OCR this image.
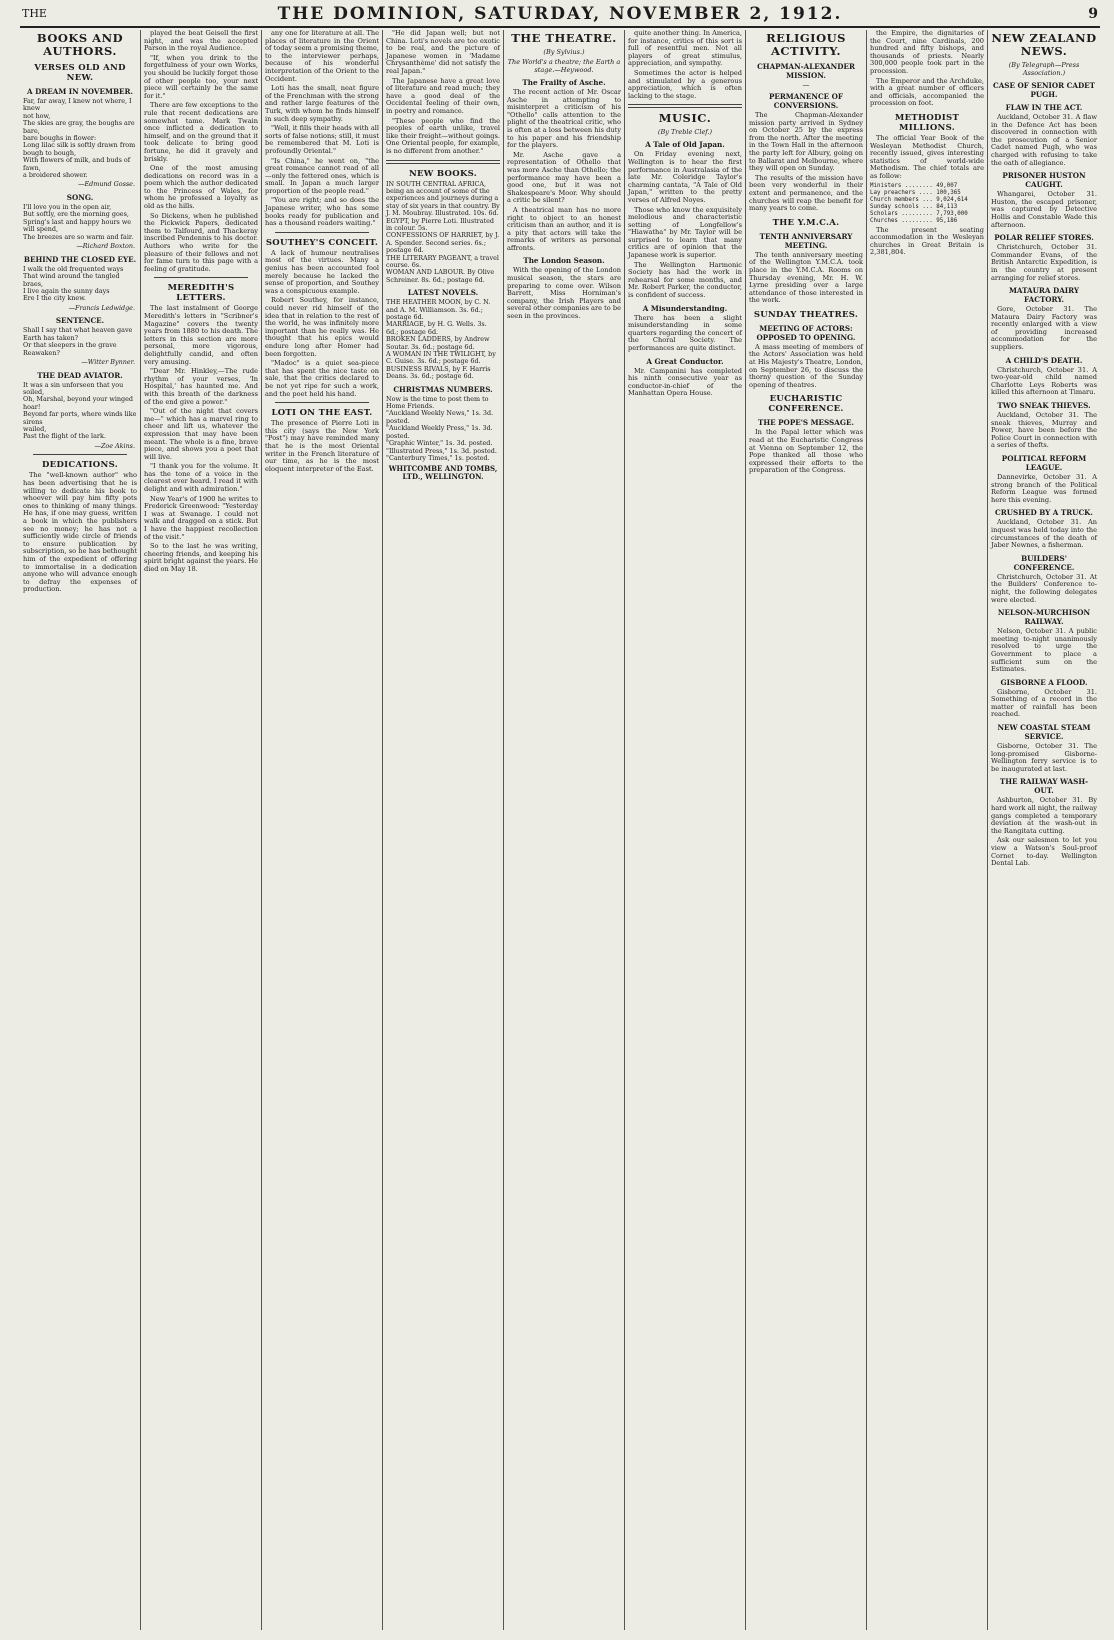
THE	THE DOMINION, SATURDAY, NOVEMBER 2, 1912.	9
BOOKS AND AUTHORS.
VERSES OLD AND NEW.
A DREAM IN NOVEMBER.
Far, far away, I knew not where, I knew
not how,
The skies are gray, the boughs are bare,
bare boughs in flower:
Long lilac silk is softly drawn from
bough to bough,
With flowers of milk, and buds of fawn,
a broidered shower.
—Edmund Gosse.
SONG.
I'll love you in the open air,
But softly, ere the morning goes,
Spring's last and happy hours we will spend,
The breezes are so warm and fair.
—Richard Boxton.
BEHIND THE CLOSED EYE.
I walk the old frequented ways
That wind around the tangled braes,
I live again the sunny days
Ere I the city knew.
—Francis Ledwidge.
SENTENCE.
Shall I say that what heaven gave
Earth has taken?
Or that sleepers in the grave
Reawaken?
—Witter Bynner.
THE DEAD AVIATOR.
It was a sin unforseen that you soiled,
Oh, Marshal, beyond your winged
hoar!
Beyond far ports, where winds like sirens
wailed,
Past the flight of the lark.
—Zoe Akins.
DEDICATIONS.

The "well-known author" who has been advertising that he is willing to dedicate his book to whoever will pay him fifty pots ones to thinking of many things. He has, if one may guess, written a book in which the publishers see no money; he has not a sufficiently wide circle of friends to ensure publication by subscription, so he has bethought him of the expedient of offering to immortalise in a dedication anyone who will advance enough to defray the expenses of production.

played the beat Geisell the first night, and was the accepted Parson in the royal Audience.

"If, when you drink to the forgetfulness of your own Works, you should be luckily forget those of other people too, your next piece will certainly be the same for it."

There are few exceptions to the rule that recent dedications are somewhat tame. Mark Twain once inflicted a dedication to himself, and on the ground that it took delicate to bring good fortune, he did it gravely and briskly.

One of the most amusing dedications on record was in a poem which the author dedicated to the Princess of Wales, for whom he professed a loyalty as old as the hills.

So Dickens, when he published the Pickwick Papers, dedicated them to Talfourd, and Thackeray inscribed Pendennis to his doctor. Authors who write for the pleasure of their fellows and not for fame turn to this page with a feeling of gratitude.

MEREDITH'S LETTERS.

The last instalment of George Meredith's letters in "Scribner's Magazine" covers the twenty years from 1880 to his death. The letters in this section are more personal, more vigorous, delightfully candid, and often very amusing.

"Dear Mr. Hinkley,—The rude rhythm of your verses, 'In Hospital,' has haunted me. And with this breath of the darkness of the end give a power."

"Out of the night that covers me—" which has a marvel ring to cheer and lift us, whatever the expression that may have been meant. The whole is a fine, brave piece, and shows you a poet that will live.

"I thank you for the volume. It has the tone of a voice in the clearest ever heard. I read it with delight and with admiration."

New Year's of 1900 he writes to Frederick Greenwood: "Yesterday I was at Swanage. I could not walk and dragged on a stick. But I have the happiest recollection of the visit."

So to the last he was writing, cheering friends, and keeping his spirit bright against the years. He died on May 18.

any one for literature at all. The places of literature in the Orient of today seem a promising theme, to the interviewer perhaps, because of his wonderful interpretation of the Orient to the Occident.

Loti has the small, neat figure of the Frenchman with the strong and rather large features of the Turk, with whom he finds himself in such deep sympathy.

"Well, it fills their heads with all sorts of false notions; still, it must be remembered that M. Loti is profoundly Oriental."

"Is China," he went on, "the great romance cannot read of all—only the fettered ones, which is small. In Japan a much larger proportion of the people read."

"You are right; and so does the Japanese writer, who has some books ready for publication and has a thousand readers waiting."

SOUTHEY'S CONCEIT.

A lack of humour neutralises most of the virtues. Many a genius has been accounted fool merely because he lacked the sense of proportion, and Southey was a conspicuous example.

Robert Southey, for instance, could never rid himself of the idea that in relation to the rest of the world, he was infinitely more important than he really was. He thought that his epics would endure long after Homer had been forgotten.

"Madoc" is a quiet sea-piece that has spent the nice taste on sale, that the critics declared to be not yet ripe for such a work, and the poet held his hand.

LOTI ON THE EAST.

The presence of Pierre Loti in this city (says the New York "Post") may have reminded many that he is the most Oriental writer in the French literature of our time, as he is the most eloquent interpreter of the East.

"He did Japan well; but not China. Loti's novels are too exotic to be real, and the picture of Japanese women in 'Madame Chrysanthème' did not satisfy the real Japan."

The Japanese have a great love of literature and read much; they have a good deal of the Occidental feeling of their own, in poetry and romance.

"These people who find the peoples of earth unlike, travel like their freight—without goings. One Oriental people, for example, is no different from another."

NEW BOOKS.
IN SOUTH CENTRAL AFRICA, being an account of some of the experiences and journeys during a stay of six years in that country. By J. M. Moubray. Illustrated. 10s. 6d.
EGYPT, by Pierre Loti. Illustrated in colour. 5s.
CONFESSIONS OF HARRIET, by J. A. Spender. Second series. 6s.; postage 6d.
THE LITERARY PAGEANT, a travel course. 6s.
WOMAN AND LABOUR. By Olive Schreiner. 8s. 6d.; postage 6d.
LATEST NOVELS.
THE HEATHER MOON, by C. N. and A. M. Williamson. 3s. 6d.; postage 6d.
MARRIAGE, by H. G. Wells. 3s. 6d.; postage 6d.
BROKEN LADDERS, by Andrew Soutar. 3s. 6d.; postage 6d.
A WOMAN IN THE TWILIGHT, by C. Guise. 3s. 6d.; postage 6d.
BUSINESS RIVALS, by F. Harris Deans. 3s. 6d.; postage 6d.
CHRISTMAS NUMBERS.
Now is the time to post them to Home Friends.
"Auckland Weekly News," 1s. 3d. posted.
"Auckland Weekly Press," 1s. 3d. posted.
"Graphic Winter," 1s. 3d. posted.
"Illustrated Press," 1s. 3d. posted.
"Canterbury Times," 1s. posted.
WHITCOMBE AND TOMBS, LTD., WELLINGTON.
THE THEATRE.
(By Sylvius.)
The World's a theatre; the Earth a stage.—Heywood.
The Frailty of Asche.

The recent action of Mr. Oscar Asche in attempting to misinterpret a criticism of his "Othello" calls attention to the plight of the theatrical critic, who is often at a loss between his duty to his paper and his friendship for the players.

Mr. Asche gave a representation of Othello that was more Asche than Othello; the performance may have been a good one, but it was not Shakespeare's Moor. Why should a critic be silent?

A theatrical man has no more right to object to an honest criticism than an author, and it is a pity that actors will take the remarks of writers as personal affronts.

The London Season.

With the opening of the London musical season, the stars are preparing to come over. Wilson Barrett, Miss Horniman's company, the Irish Players and several other companies are to be seen in the provinces.

quite another thing. In America, for instance, critics of this sort is full of resentful men. Not all players of great stimulus, appreciation, and sympathy.

Sometimes the actor is helped and stimulated by a generous appreciation, which is often lacking to the stage.

MUSIC.
(By Treble Clef.)
A Tale of Old Japan.

On Friday evening next, Wellington is to hear the first performance in Australasia of the late Mr. Coleridge Taylor's charming cantata, "A Tale of Old Japan," written to the pretty verses of Alfred Noyes.

Those who know the exquisitely melodious and characteristic setting of Longfellow's "Hiawatha" by Mr. Taylor will be surprised to learn that many critics are of opinion that the Japanese work is superior.

The Wellington Harmonic Society has had the work in rehearsal for some months, and Mr. Robert Parker, the conductor, is confident of success.

A Misunderstanding.

There has been a slight misunderstanding in some quarters regarding the concert of the Choral Society. The performances are quite distinct.

A Great Conductor.

Mr. Campanini has completed his ninth consecutive year as conductor-in-chief of the Manhattan Opera House.

RELIGIOUS ACTIVITY.
CHAPMAN-ALEXANDER MISSION.
—
PERMANENCE OF CONVERSIONS.

The Chapman-Alexander mission party arrived in Sydney on October 25 by the express from the north. After the meeting in the Town Hall in the afternoon the party left for Albury, going on to Ballarat and Melbourne, where they will open on Sunday.

The results of the mission have been very wonderful in their extent and permanence, and the churches will reap the benefit for many years to come.

THE Y.M.C.A.
TENTH ANNIVERSARY MEETING.

The tenth anniversary meeting of the Wellington Y.M.C.A. took place in the Y.M.C.A. Rooms on Thursday evening, Mr. H. W. Lyrne presiding over a large attendance of those interested in the work.

SUNDAY THEATRES.
MEETING OF ACTORS: OPPOSED TO OPENING.

A mass meeting of members of the Actors' Association was held at His Majesty's Theatre, London, on September 26, to discuss the thorny question of the Sunday opening of theatres.

EUCHARISTIC CONFERENCE.
THE POPE'S MESSAGE.

In the Papal letter which was read at the Eucharistic Congress at Vienna on September 12, the Pope thanked all those who expressed their efforts to the preparation of the Congress.

the Empire, the dignitaries of the Court, nine Cardinals, 200 hundred and fifty bishops, and thousands of priests. Nearly 300,000 people took part in the procession.

The Emperor and the Archduke, with a great number of officers and officials, accompanied the procession on foot.

METHODIST MILLIONS.

The official Year Book of the Wesleyan Methodist Church, recently issued, gives interesting statistics of world-wide Methodism. The chief totals are as follow:

Ministers ........ 49,007
Lay preachers .... 100,365
Church members ... 9,024,614
Sunday schools ... 84,113
Scholars ......... 7,793,000
Churches ......... 95,186

The present seating accommodation in the Wesleyan churches in Great Britain is 2,381,804.

NEW ZEALAND NEWS.
(By Telegraph—Press Association.)
CASE OF SENIOR CADET PUGH.
FLAW IN THE ACT.

Auckland, October 31. A flaw in the Defence Act has been discovered in connection with the prosecution of a Senior Cadet named Pugh, who was charged with refusing to take the oath of allegiance.

PRISONER HUSTON CAUGHT.

Whangarei, October 31. Huston, the escaped prisoner, was captured by Detective Hollis and Constable Wade this afternoon.

POLAR RELIEF STORES.

Christchurch, October 31. Commander Evans, of the British Antarctic Expedition, is in the country at present arranging for relief stores.

MATAURA DAIRY FACTORY.

Gore, October 31. The Mataura Dairy Factory was recently enlarged with a view of providing increased accommodation for the suppliers.

A CHILD'S DEATH.

Christchurch, October 31. A two-year-old child named Charlotte Leys Roberts was killed this afternoon at Timaru.

TWO SNEAK THIEVES.

Auckland, October 31. The sneak thieves, Murray and Power, have been before the Police Court in connection with a series of thefts.

POLITICAL REFORM LEAGUE.

Dannevirke, October 31. A strong branch of the Political Reform League was formed here this evening.

CRUSHED BY A TRUCK.

Auckland, October 31. An inquest was held today into the circumstances of the death of Jaber Newnes, a fisherman.

BUILDERS' CONFERENCE.

Christchurch, October 31. At the Builders' Conference to-night, the following delegates were elected.

NELSON-MURCHISON RAILWAY.

Nelson, October 31. A public meeting to-night unanimously resolved to urge the Government to place a sufficient sum on the Estimates.

GISBORNE A FLOOD.

Gisborne, October 31. Something of a record in the matter of rainfall has been reached.

NEW COASTAL STEAM SERVICE.

Gisborne, October 31. The long-promised Gisborne-Wellington ferry service is to be inaugurated at last.

THE RAILWAY WASH-OUT.

Ashburton, October 31. By hard work all night, the railway gangs completed a temporary deviation at the wash-out in the Rangitata cutting.

Ask our salesmen to let you view a Watson's Soul-proof Cornet to-day. Wellington Dental Lab.
